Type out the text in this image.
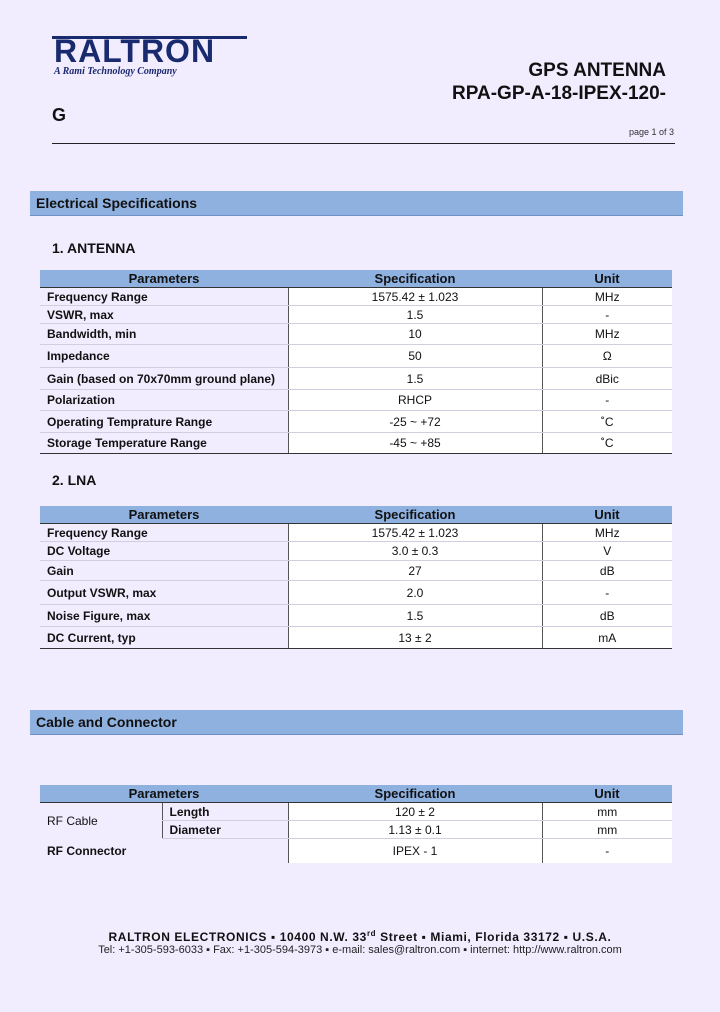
RALTRON
A Rami Technology Company	GPS ANTENNA
RPA-GP-A-18-IPEX-120-
G
page 1 of 3
Electrical Specifications
1. ANTENNA
Parameters	Specification	Unit
Frequency Range	1575.42 ± 1.023	MHz
VSWR, max	1.5	-
Bandwidth, min	10	MHz
Impedance	50	Ω
Gain (based on 70x70mm ground plane)	1.5	dBic
Polarization	RHCP	-
Operating Temprature Range	-25 ~ +72	˚C
Storage Temperature Range	-45 ~ +85	˚C
2. LNA
Parameters	Specification	Unit
Frequency Range	1575.42 ± 1.023	MHz
DC Voltage	3.0 ± 0.3	V
Gain	27	dB
Output VSWR, max	2.0	-
Noise Figure, max	1.5	dB
DC Current, typ	13 ± 2	mA
Cable and Connector
Parameters		Specification	Unit
RF Cable	Length	120 ± 2	mm
	Diameter	1.13 ± 0.1	mm
RF Connector		IPEX - 1	-
RALTRON ELECTRONICS ▪ 10400 N.W. 33rd Street ▪ Miami, Florida 33172 ▪ U.S.A.
Tel: +1-305-593-6033 ▪ Fax: +1-305-594-3973 ▪ e-mail: sales@raltron.com ▪ internet: http://www.raltron.com
